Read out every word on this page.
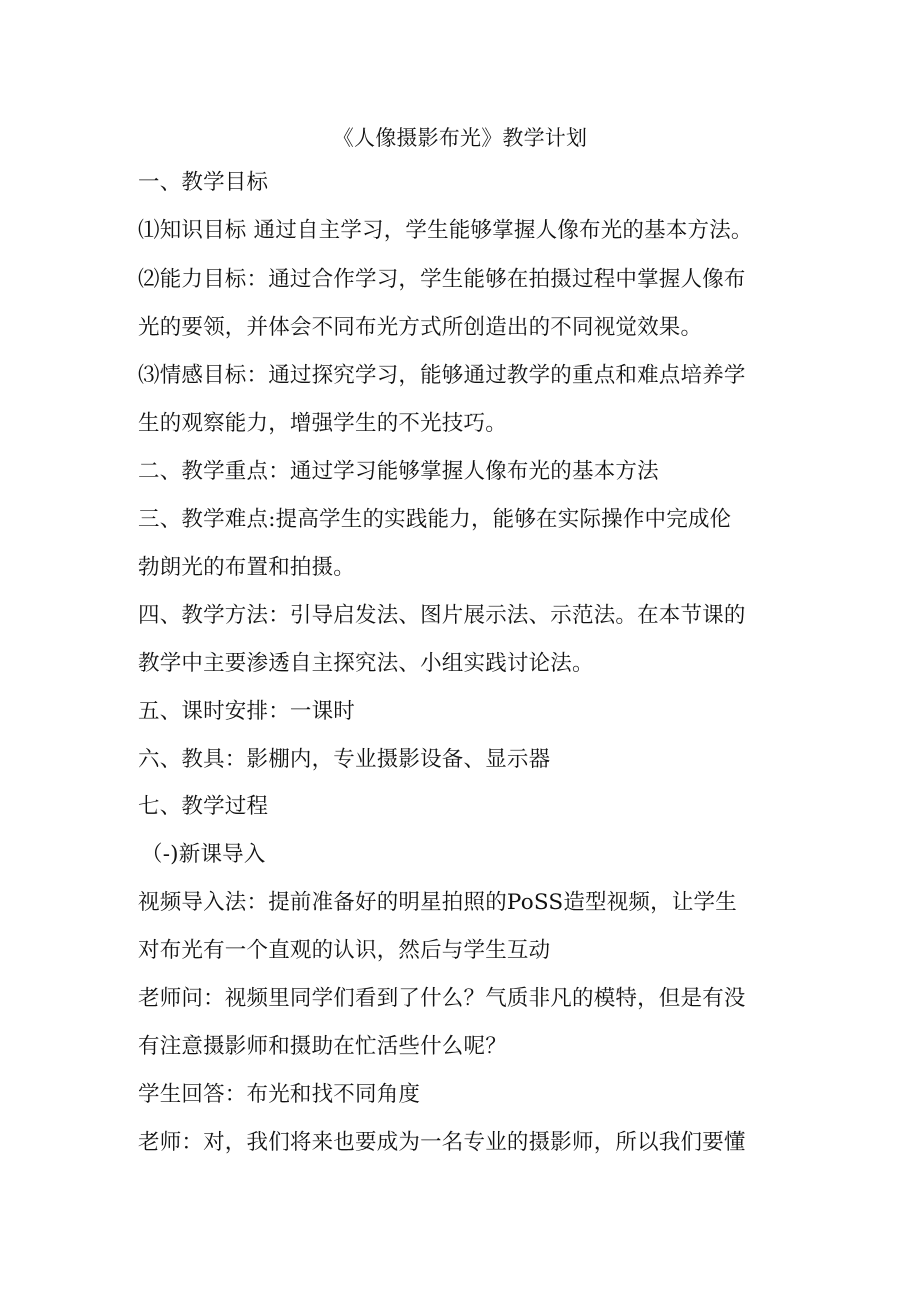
《人像摄影布光》教学计划
一、教学目标
⑴知识目标 通过自主学习，学生能够掌握人像布光的基本方法。
⑵能力目标：通过合作学习，学生能够在拍摄过程中掌握人像布
光的要领，并体会不同布光方式所创造出的不同视觉效果。
⑶情感目标：通过探究学习，能够通过教学的重点和难点培养学
生的观察能力，增强学生的不光技巧。
二、教学重点：通过学习能够掌握人像布光的基本方法
三、教学难点:提高学生的实践能力，能够在实际操作中完成伦
勃朗光的布置和拍摄。
四、教学方法：引导启发法、图片展示法、示范法。在本节课的
教学中主要渗透自主探究法、小组实践讨论法。
五、课时安排：一课时
六、教具：影棚内，专业摄影设备、显示器
七、教学过程
（-)新课导入
视频导入法：提前准备好的明星拍照的PoSS造型视频，让学生
对布光有一个直观的认识，然后与学生互动
老师问：视频里同学们看到了什么？气质非凡的模特，但是有没
有注意摄影师和摄助在忙活些什么呢？
学生回答：布光和找不同角度
老师：对，我们将来也要成为一名专业的摄影师，所以我们要懂
